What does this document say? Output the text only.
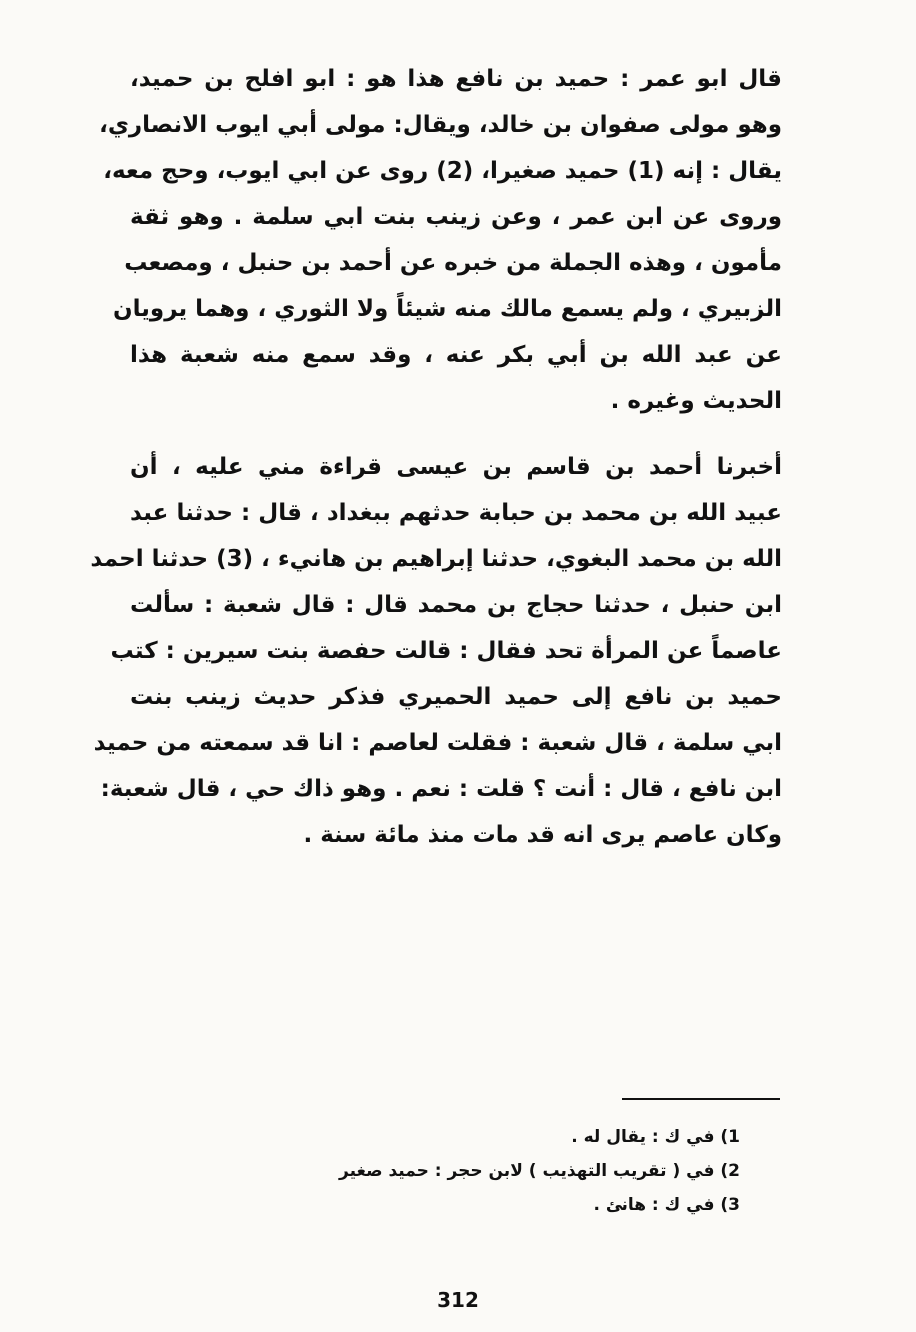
قال ابو عمر : حميد بن نافع هذا هو : ابو افلح بن حميد،
وهو مولى صفوان بن خالد، ويقال: مولى أبي ايوب الانصاري،
يقال : إنه (1) حميد صغيرا، (2) روى عن ابي ايوب، وحج معه،
وروى عن ابن عمر ، وعن زينب بنت ابي سلمة . وهو ثقة
مأمون ، وهذه الجملة من خبره عن أحمد بن حنبل ، ومصعب
الزبيري ، ولم يسمع مالك منه شيئاً ولا الثوري ، وهما يرويان
عن عبد الله بن أبي بكر عنه ، وقد سمع منه شعبة هذا
الحديث وغيره .
أخبرنا أحمد بن قاسم بن عيسى قراءة مني عليه ، أن
عبيد الله بن محمد بن حبابة حدثهم ببغداد ، قال : حدثنا عبد
الله بن محمد البغوي، حدثنا إبراهيم بن هانيء ، (3) حدثنا احمد
ابن حنبل ، حدثنا حجاج بن محمد قال : قال شعبة : سألت
عاصماً عن المرأة تحد فقال : قالت حفصة بنت سيرين : كتب
حميد بن نافع إلى حميد الحميري فذكر حديث زينب بنت
ابي سلمة ، قال شعبة : فقلت لعاصم : انا قد سمعته من حميد
ابن نافع ، قال : أنت ؟ قلت : نعم . وهو ذاك حي ، قال شعبة:
وكان عاصم يرى انه قد مات منذ مائة سنة .
1) في ك : يقال له .
2) في ( تقريب التهذيب ) لابن حجر : حميد صغير
3) في ك : هانئ .
312
